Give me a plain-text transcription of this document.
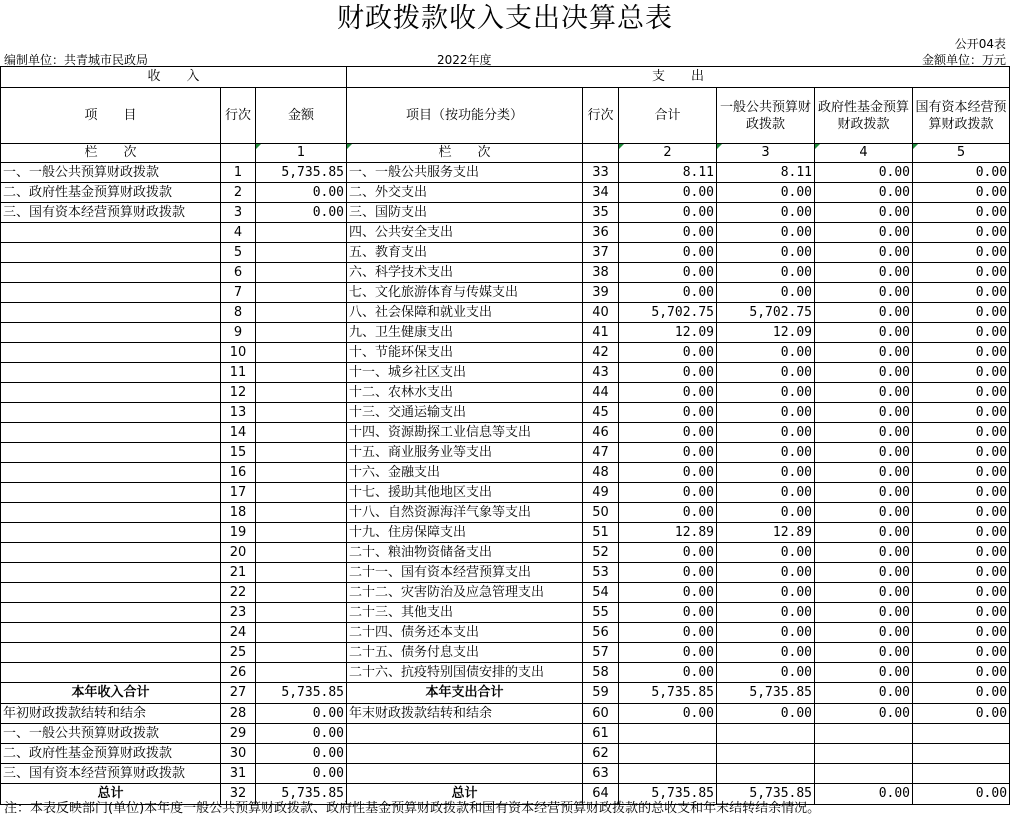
财政拨款收入支出决算总表
公开04表
编制单位：共青城市民政局	2022年度	金额单位：万元
收　　入			支　　出					
项　　目	行次	金额	项目（按功能分类）	行次	合计	一般公共预算财政拨款	政府性基金预算财政拨款	国有资本经营预算财政拨款
栏　　次		1	栏　　次		2	3	4	5
一、一般公共预算财政拨款	1	5,735.85	一、一般公共服务支出	33	8.11	8.11	0.00	0.00
二、政府性基金预算财政拨款	2	0.00	二、外交支出	34	0.00	0.00	0.00	0.00
三、国有资本经营预算财政拨款	3	0.00	三、国防支出	35	0.00	0.00	0.00	0.00
	4		四、公共安全支出	36	0.00	0.00	0.00	0.00
	5		五、教育支出	37	0.00	0.00	0.00	0.00
	6		六、科学技术支出	38	0.00	0.00	0.00	0.00
	7		七、文化旅游体育与传媒支出	39	0.00	0.00	0.00	0.00
	8		八、社会保障和就业支出	40	5,702.75	5,702.75	0.00	0.00
	9		九、卫生健康支出	41	12.09	12.09	0.00	0.00
	10		十、节能环保支出	42	0.00	0.00	0.00	0.00
	11		十一、城乡社区支出	43	0.00	0.00	0.00	0.00
	12		十二、农林水支出	44	0.00	0.00	0.00	0.00
	13		十三、交通运输支出	45	0.00	0.00	0.00	0.00
	14		十四、资源勘探工业信息等支出	46	0.00	0.00	0.00	0.00
	15		十五、商业服务业等支出	47	0.00	0.00	0.00	0.00
	16		十六、金融支出	48	0.00	0.00	0.00	0.00
	17		十七、援助其他地区支出	49	0.00	0.00	0.00	0.00
	18		十八、自然资源海洋气象等支出	50	0.00	0.00	0.00	0.00
	19		十九、住房保障支出	51	12.89	12.89	0.00	0.00
	20		二十、粮油物资储备支出	52	0.00	0.00	0.00	0.00
	21		二十一、国有资本经营预算支出	53	0.00	0.00	0.00	0.00
	22		二十二、灾害防治及应急管理支出	54	0.00	0.00	0.00	0.00
	23		二十三、其他支出	55	0.00	0.00	0.00	0.00
	24		二十四、债务还本支出	56	0.00	0.00	0.00	0.00
	25		二十五、债务付息支出	57	0.00	0.00	0.00	0.00
	26		二十六、抗疫特别国债安排的支出	58	0.00	0.00	0.00	0.00
本年收入合计	27	5,735.85	本年支出合计	59	5,735.85	5,735.85	0.00	0.00
年初财政拨款结转和结余	28	0.00	年末财政拨款结转和结余	60	0.00	0.00	0.00	0.00
一、一般公共预算财政拨款	29	0.00		61				
二、政府性基金预算财政拨款	30	0.00		62				
三、国有资本经营预算财政拨款	31	0.00		63				
总计	32	5,735.85	总计	64	5,735.85	5,735.85	0.00	0.00
注：本表反映部门(单位)本年度一般公共预算财政拨款、政府性基金预算财政拨款和国有资本经营预算财政拨款的总收支和年末结转结余情况。
